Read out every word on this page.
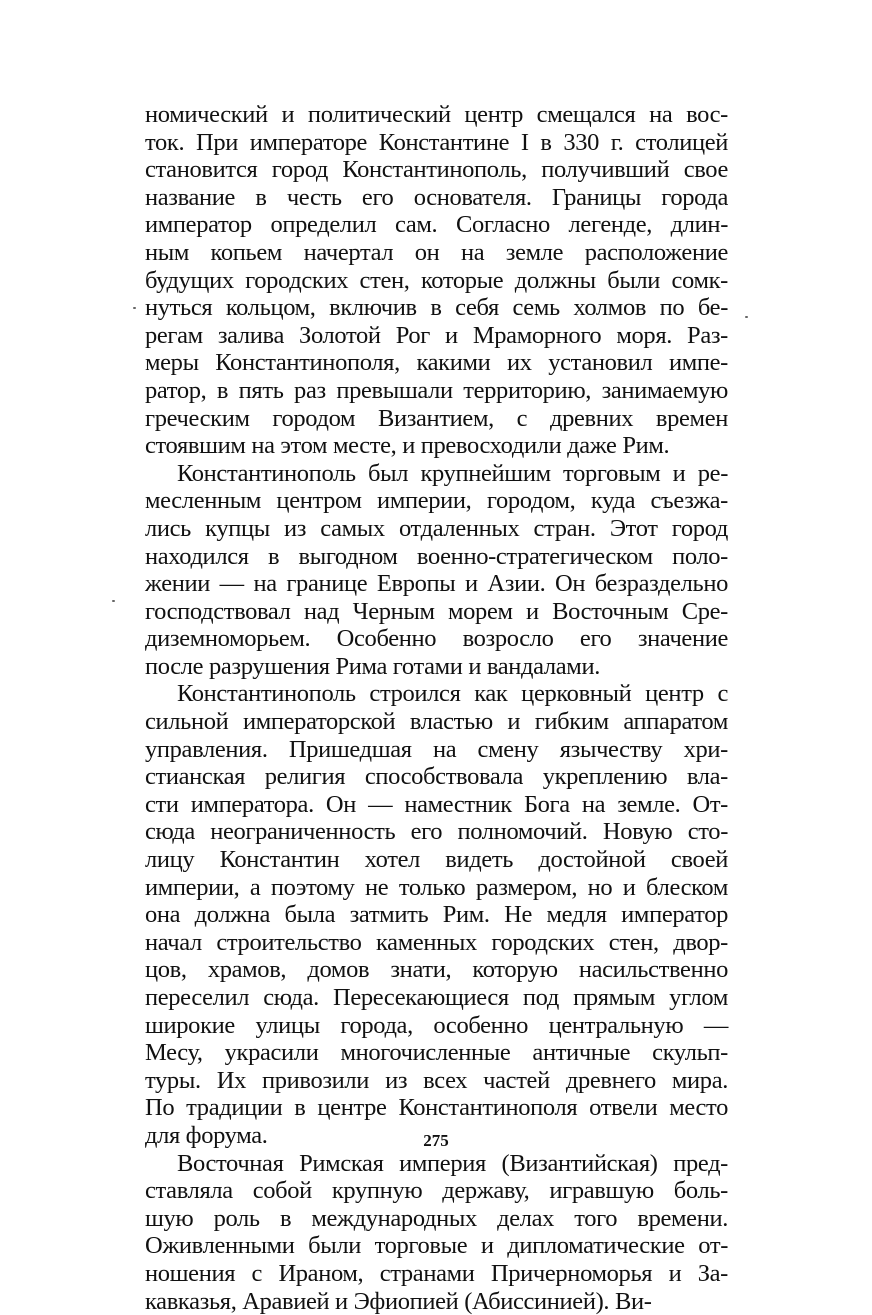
номический и политический центр смещался на вос-
ток. При императоре Константине I в 330 г. столицей
становится город Константинополь, получивший свое
название в честь его основателя. Границы города
император определил сам. Согласно легенде, длин-
ным копьем начертал он на земле расположение
будущих городских стен, которые должны были сомк-
нуться кольцом, включив в себя семь холмов по бе-
регам залива Золотой Рог и Мраморного моря. Раз-
меры Константинополя, какими их установил импе-
ратор, в пять раз превышали территорию, занимаемую
греческим городом Византием, с древних времен
стоявшим на этом месте, и превосходили даже Рим.
Константинополь был крупнейшим торговым и ре-
месленным центром империи, городом, куда съезжа-
лись купцы из самых отдаленных стран. Этот город
находился в выгодном военно-стратегическом поло-
жении — на границе Европы и Азии. Он безраздельно
господствовал над Черным морем и Восточным Сре-
диземноморьем. Особенно возросло его значение
после разрушения Рима готами и вандалами.
Константинополь строился как церковный центр с
сильной императорской властью и гибким аппаратом
управления. Пришедшая на смену язычеству хри-
стианская религия способствовала укреплению вла-
сти императора. Он — наместник Бога на земле. От-
сюда неограниченность его полномочий. Новую сто-
лицу Константин хотел видеть достойной своей
империи, а поэтому не только размером, но и блеском
она должна была затмить Рим. Не медля император
начал строительство каменных городских стен, двор-
цов, храмов, домов знати, которую насильственно
переселил сюда. Пересекающиеся под прямым углом
широкие улицы города, особенно центральную —
Месу, украсили многочисленные античные скульп-
туры. Их привозили из всех частей древнего мира.
По традиции в центре Константинополя отвели место
для форума.
Восточная Римская империя (Византийская) пред-
ставляла собой крупную державу, игравшую боль-
шую роль в международных делах того времени.
Оживленными были торговые и дипломатические от-
ношения с Ираном, странами Причерноморья и За-
кавказья, Аравией и Эфиопией (Абиссинией). Ви-
275
